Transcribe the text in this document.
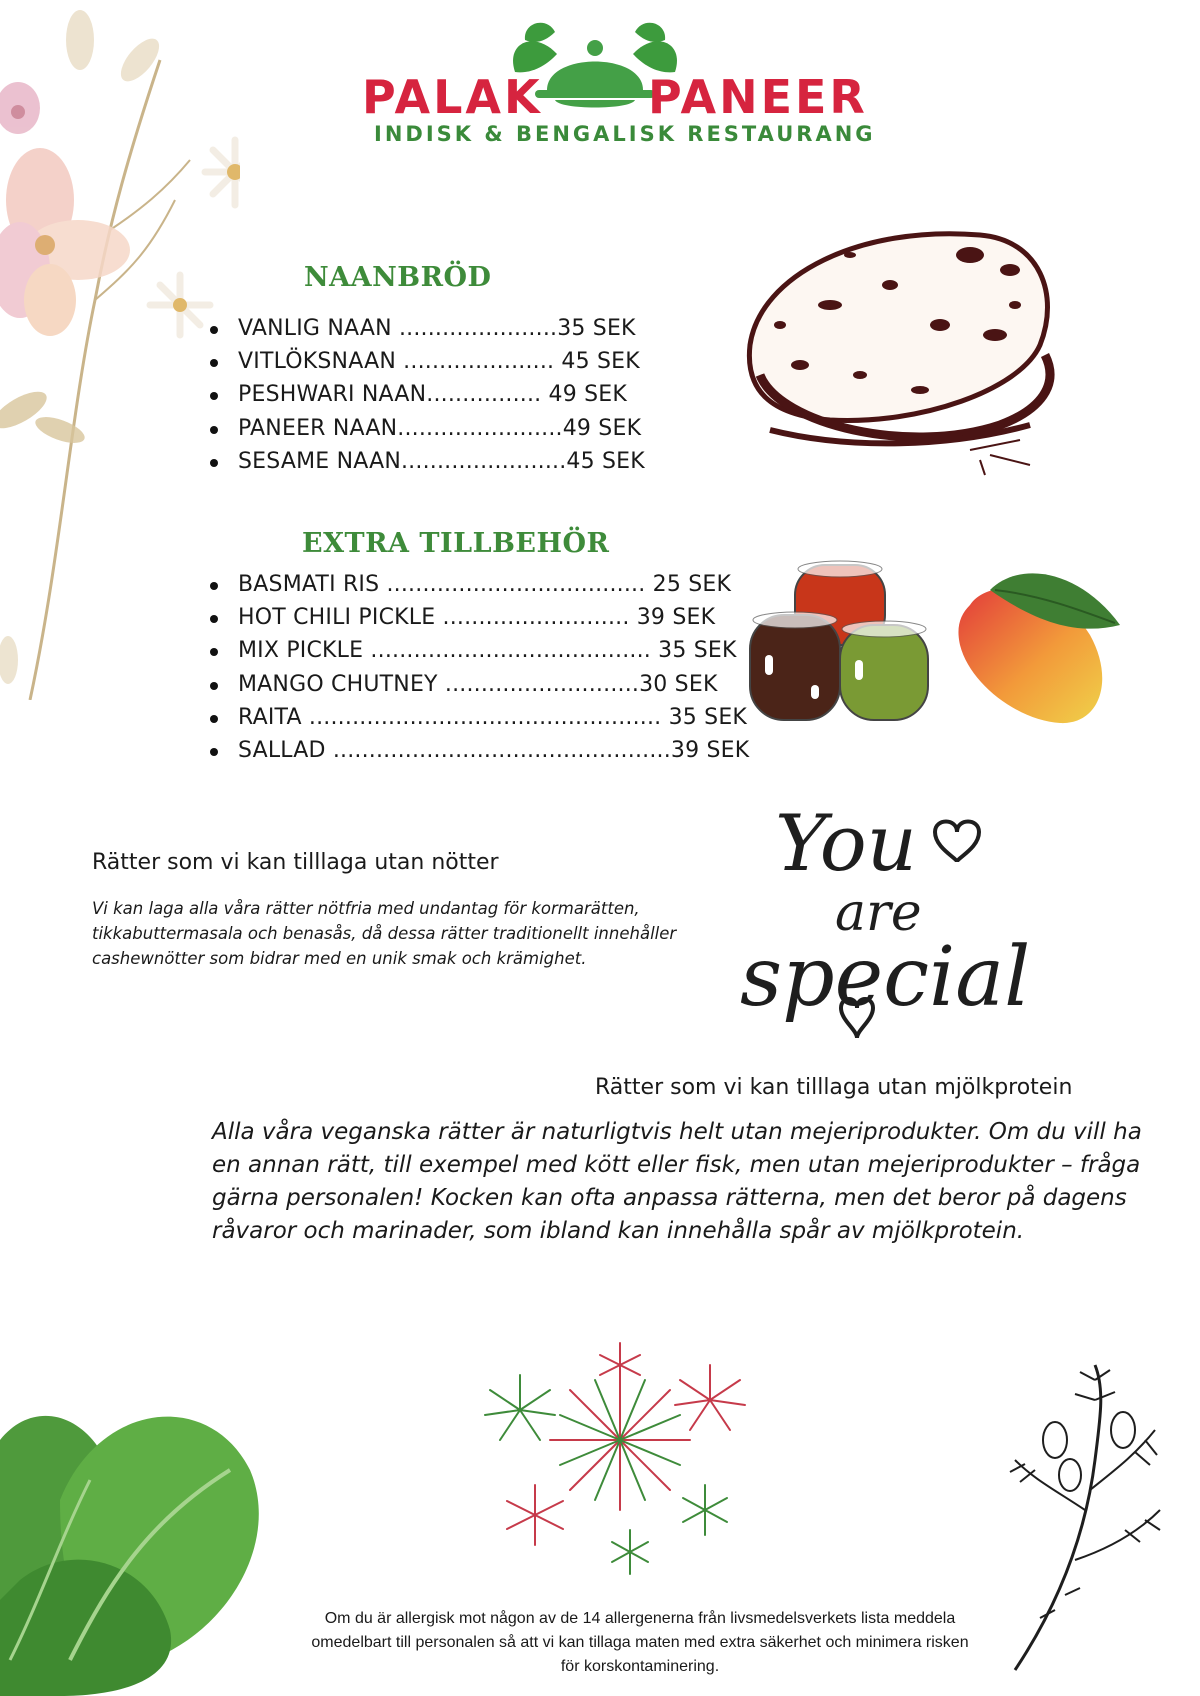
PALAK PANEER
INDISK & BENGALISK RESTAURANG
NAANBRÖD
VANLIG NAAN ......................35 SEK
VITLÖKSNAAN ..................... 45 SEK
PESHWARI NAAN................ 49 SEK
PANEER NAAN.......................49 SEK
SESAME NAAN.......................45 SEK
EXTRA TILLBEHÖR
BASMATI RIS .................................... 25 SEK
HOT CHILI PICKLE .......................... 39 SEK
MIX PICKLE ....................................... 35 SEK
MANGO CHUTNEY ...........................30 SEK
RAITA ................................................. 35 SEK
SALLAD ...............................................39 SEK
You
are
special
Rätter som vi kan tilllaga utan nötter
Vi kan laga alla våra rätter nötfria med undantag för kormarätten, tikkabuttermasala och benasås, då dessa rätter traditionellt innehåller cashewnötter som bidrar med en unik smak och krämighet.
Rätter som vi kan tilllaga utan mjölkprotein
Alla våra veganska rätter är naturligtvis helt utan mejeriprodukter. Om du vill ha en annan rätt, till exempel med kött eller fisk, men utan mejeriprodukter – fråga gärna personalen! Kocken kan ofta anpassa rätterna, men det beror på dagens råvaror och marinader, som ibland kan innehålla spår av mjölkprotein.
Om du är allergisk mot någon av de 14 allergenerna från livsmedelsverkets lista meddela omedelbart till personalen så att vi kan tillaga maten med extra säkerhet och minimera risken för korskontaminering.
